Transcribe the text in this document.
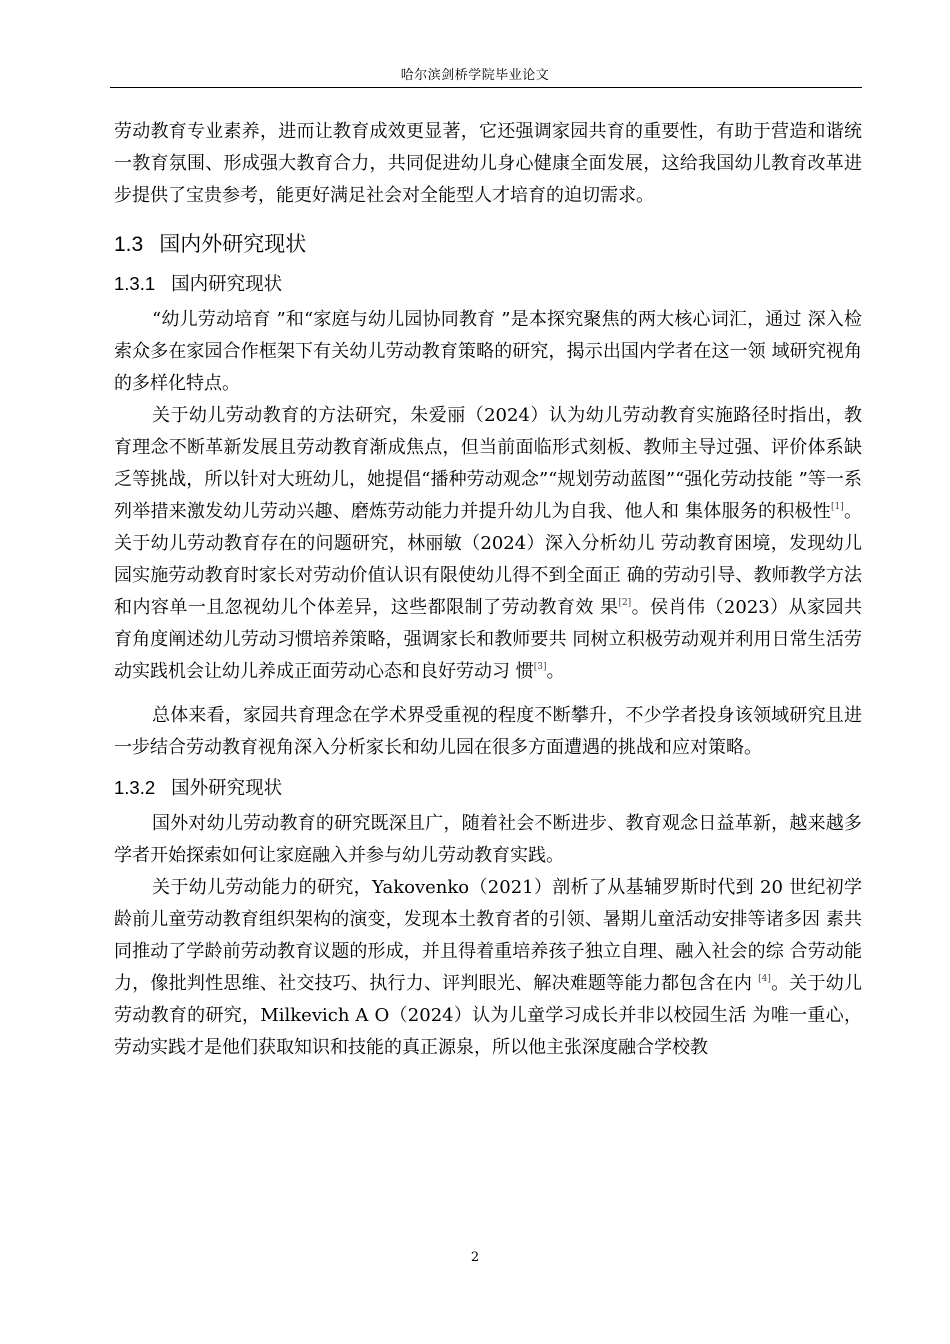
哈尔滨剑桥学院毕业论文

劳动教育专业素养，进而让教育成效更显著，它还强调家园共育的重要性，有助于营造和谐统一教育氛围、形成强大教育合力，共同促进幼儿身心健康全面发展，这给我国幼儿教育改革进步提供了宝贵参考，能更好满足社会对全能型人才培育的迫切需求。

1.3 国内外研究现状
1.3.1 国内研究现状

“幼儿劳动培育 ”和“家庭与幼儿园协同教育 ”是本探究聚焦的两大核心词汇，通过 深入检索众多在家园合作框架下有关幼儿劳动教育策略的研究，揭示出国内学者在这一领 域研究视角的多样化特点。

关于幼儿劳动教育的方法研究，朱爱丽（2024）认为幼儿劳动教育实施路径时指出，教育理念不断革新发展且劳动教育渐成焦点，但当前面临形式刻板、教师主导过强、评价体系缺乏等挑战，所以针对大班幼儿，她提倡“播种劳动观念”“规划劳动蓝图”“强化劳动技能 ”等一系列举措来激发幼儿劳动兴趣、磨炼劳动能力并提升幼儿为自我、他人和 集体服务的积极性[1]。关于幼儿劳动教育存在的问题研究，林丽敏（2024）深入分析幼儿 劳动教育困境，发现幼儿园实施劳动教育时家长对劳动价值认识有限使幼儿得不到全面正 确的劳动引导、教师教学方法和内容单一且忽视幼儿个体差异，这些都限制了劳动教育效 果[2]。侯肖伟（2023）从家园共育角度阐述幼儿劳动习惯培养策略，强调家长和教师要共 同树立积极劳动观并利用日常生活劳动实践机会让幼儿养成正面劳动心态和良好劳动习 惯[3]。

总体来看，家园共育理念在学术界受重视的程度不断攀升，不少学者投身该领域研究且进一步结合劳动教育视角深入分析家长和幼儿园在很多方面遭遇的挑战和应对策略。

1.3.2 国外研究现状

国外对幼儿劳动教育的研究既深且广，随着社会不断进步、教育观念日益革新，越来越多学者开始探索如何让家庭融入并参与幼儿劳动教育实践。

关于幼儿劳动能力的研究，Yakovenko（2021）剖析了从基辅罗斯时代到 20 世纪初学 龄前儿童劳动教育组织架构的演变，发现本土教育者的引领、暑期儿童活动安排等诸多因 素共同推动了学龄前劳动教育议题的形成，并且得着重培养孩子独立自理、融入社会的综 合劳动能力，像批判性思维、社交技巧、执行力、评判眼光、解决难题等能力都包含在内 [4]。关于幼儿劳动教育的研究，Milkevich A O（2024）认为儿童学习成长并非以校园生活 为唯一重心，劳动实践才是他们获取知识和技能的真正源泉，所以他主张深度融合学校教

2
